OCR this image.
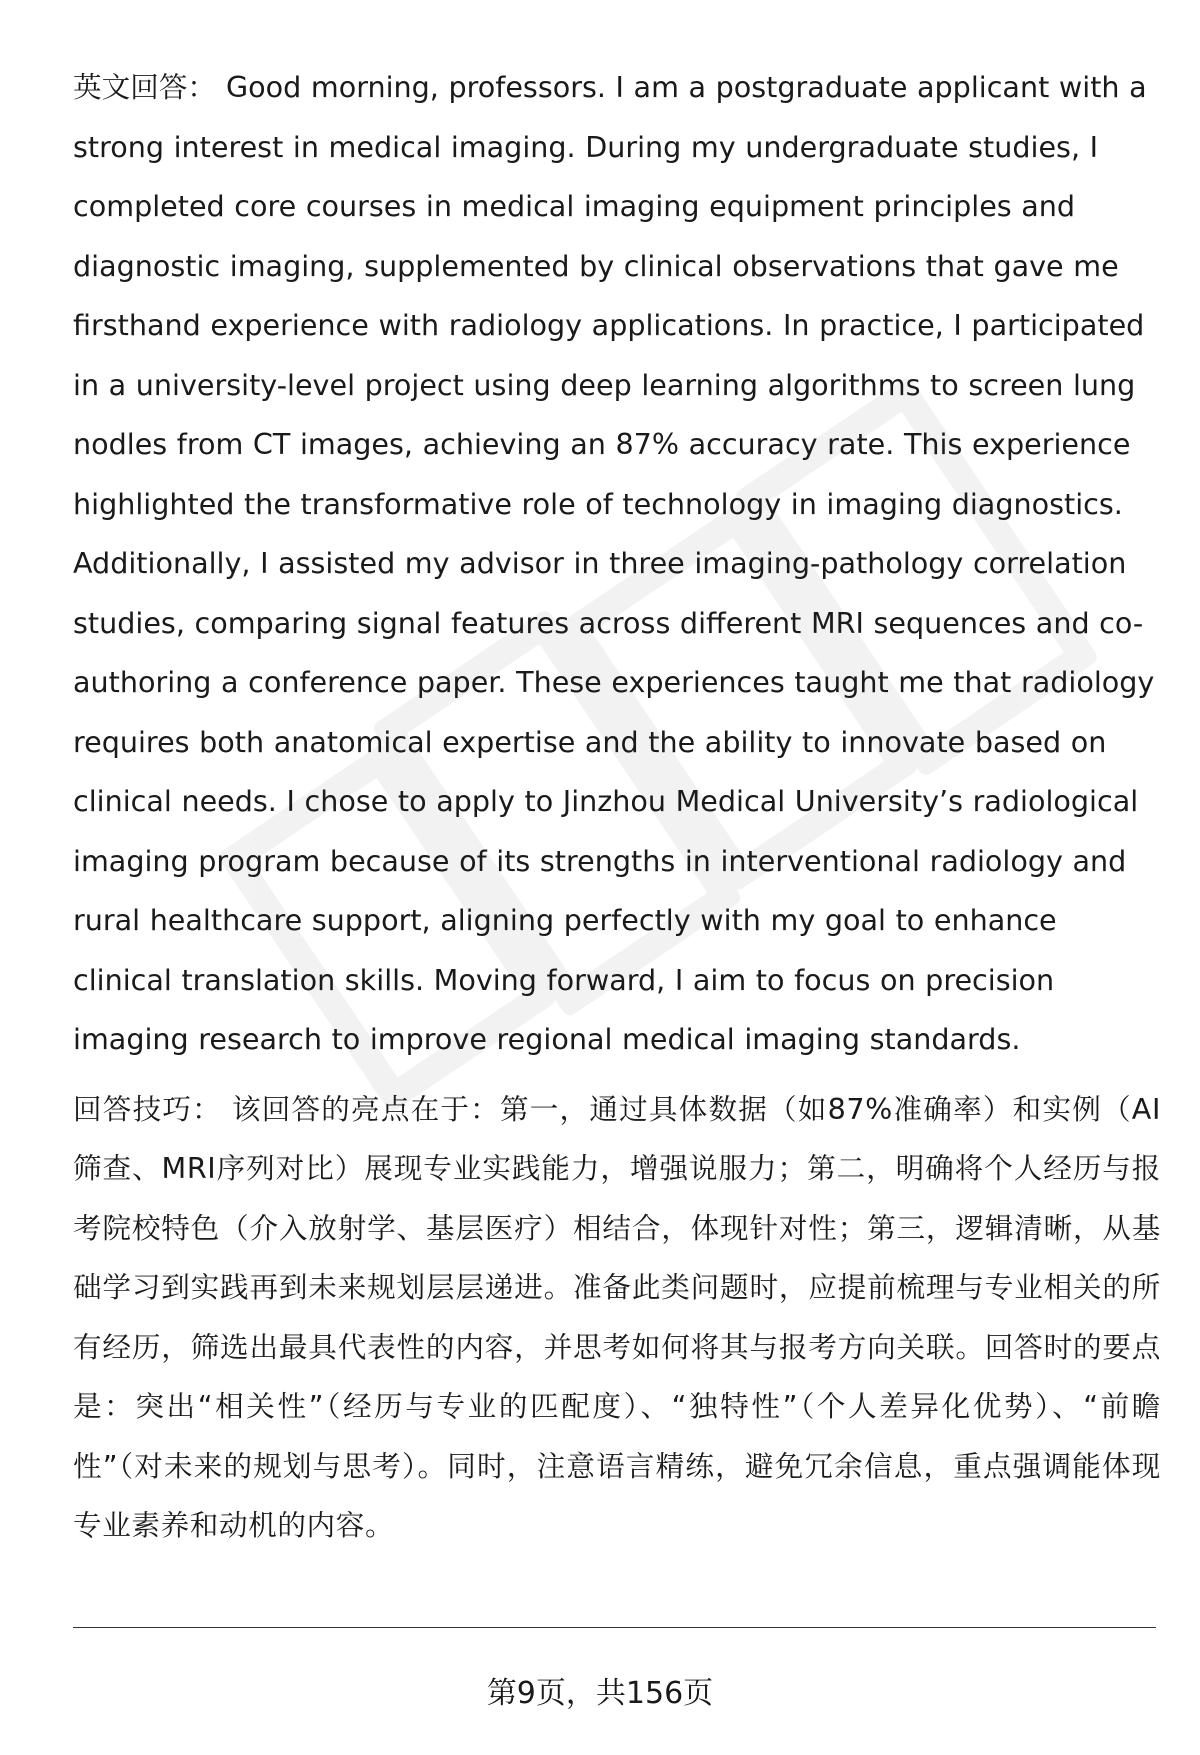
英文回答： Good morning, professors. I am a postgraduate applicant with a strong interest in medical imaging. During my undergraduate studies, I completed core courses in medical imaging equipment principles and diagnostic imaging, supplemented by clinical observations that gave me firsthand experience with radiology applications. In practice, I participated in a university-level project using deep learning algorithms to screen lung nodles from CT images, achieving an 87% accuracy rate. This experience highlighted the transformative role of technology in imaging diagnostics. Additionally, I assisted my advisor in three imaging-pathology correlation studies, comparing signal features across different MRI sequences and co-authoring a conference paper. These experiences taught me that radiology requires both anatomical expertise and the ability to innovate based on clinical needs. I chose to apply to Jinzhou Medical University’s radiological imaging program because of its strengths in interventional radiology and rural healthcare support, aligning perfectly with my goal to enhance clinical translation skills. Moving forward, I aim to focus on precision imaging research to improve regional medical imaging standards.

回答技巧： 该回答的亮点在于：第一，通过具体数据（如87%准确率）和实例（AI筛查、MRI序列对比）展现专业实践能力，增强说服力；第二，明确将个人经历与报考院校特色（介入放射学、基层医疗）相结合，体现针对性；第三，逻辑清晰，从基础学习到实践再到未来规划层层递进。准备此类问题时，应提前梳理与专业相关的所有经历，筛选出最具代表性的内容，并思考如何将其与报考方向关联。回答时的要点是：突出“相关性”（经历与专业的匹配度）、“独特性”（个人差异化优势）、“前瞻性”（对未来的规划与思考）。同时，注意语言精练，避免冗余信息，重点强调能体现专业素养和动机的内容。

第9页，共156页
